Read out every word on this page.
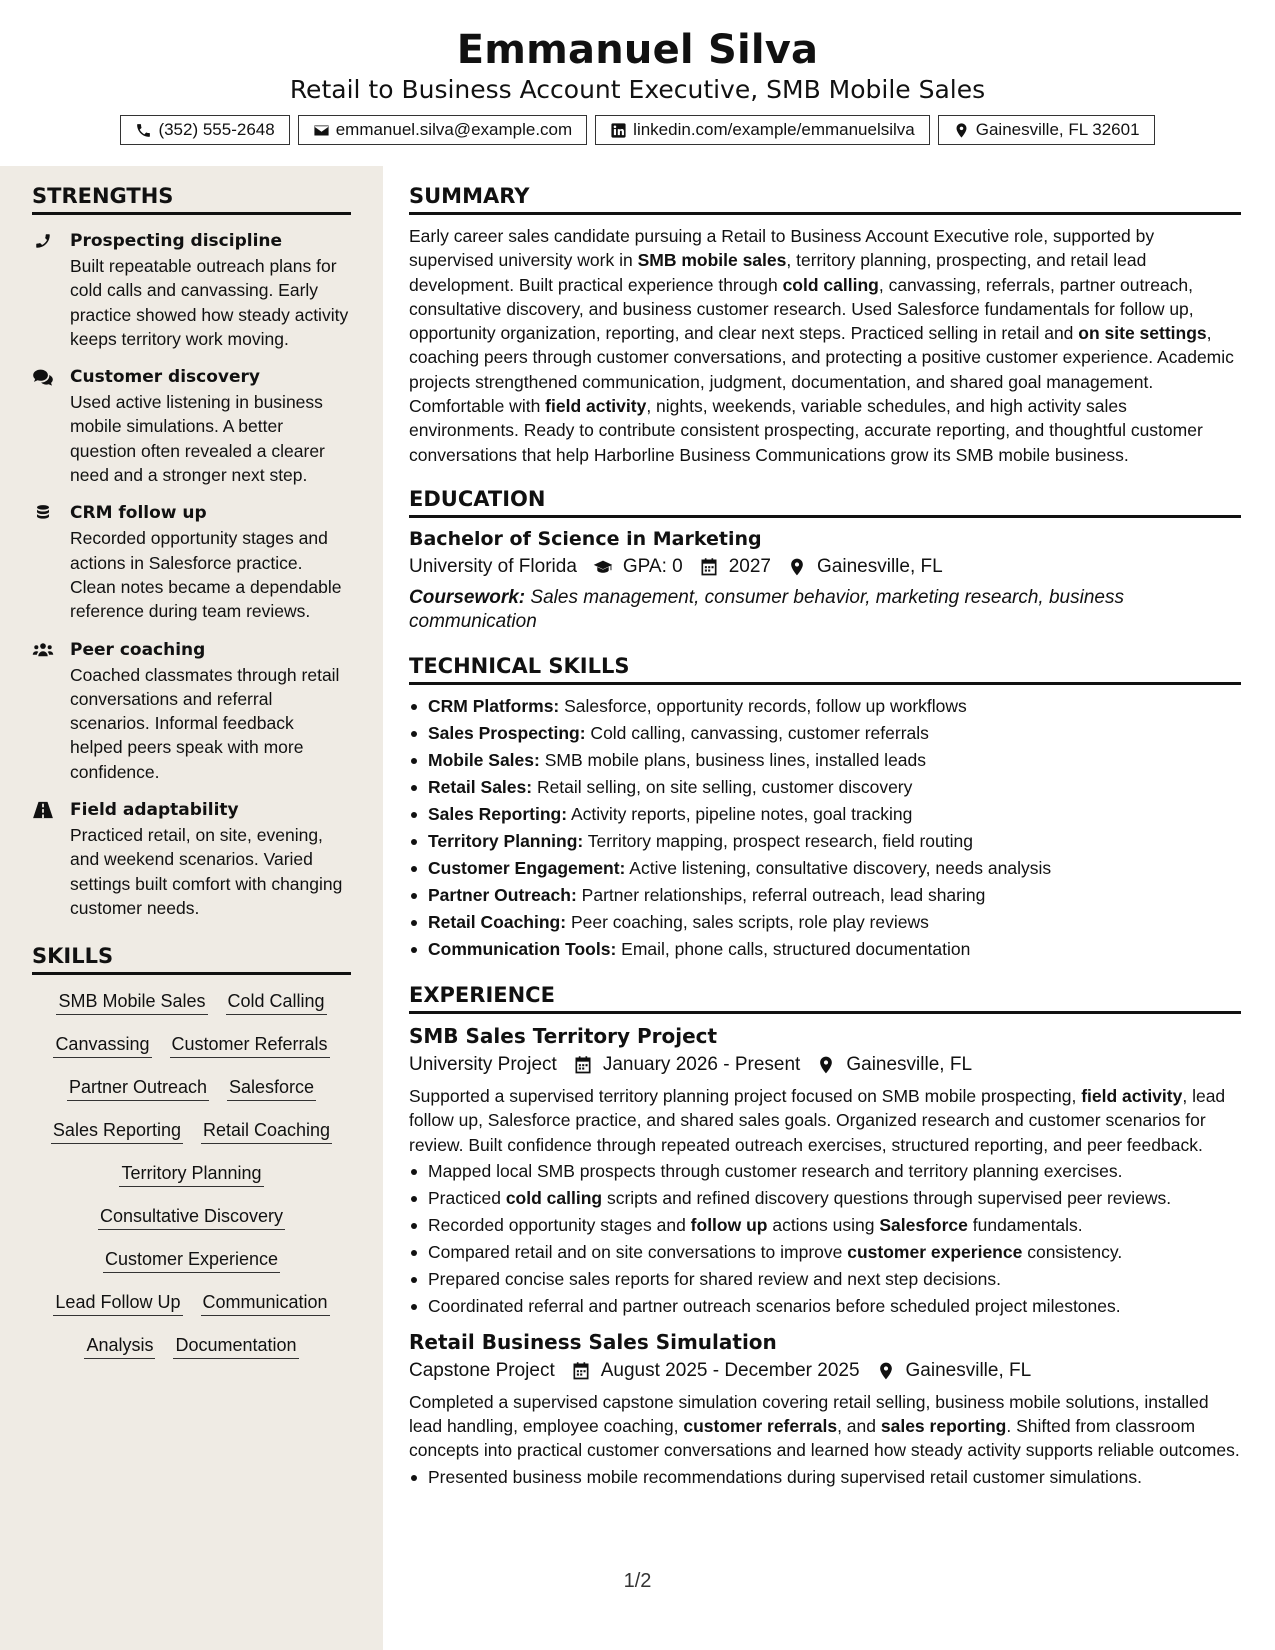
Emmanuel Silva
Retail to Business Account Executive, SMB Mobile Sales
(352) 555-2648	emmanuel.silva@example.com	linkedin.com/example/emmanuelsilva	Gainesville, FL 32601
STRENGTHS
Prospecting discipline
Built repeatable outreach plans for cold calls and canvassing. Early practice showed how steady activity keeps territory work moving.
Customer discovery
Used active listening in business mobile simulations. A better question often revealed a clearer need and a stronger next step.
CRM follow up
Recorded opportunity stages and actions in Salesforce practice. Clean notes became a dependable reference during team reviews.
Peer coaching
Coached classmates through retail conversations and referral scenarios. Informal feedback helped peers speak with more confidence.
Field adaptability
Practiced retail, on site, evening, and weekend scenarios. Varied settings built comfort with changing customer needs.
SKILLS
SMB Mobile Sales Cold Calling
Canvassing Customer Referrals
Partner Outreach Salesforce
Sales Reporting Retail Coaching
Territory Planning
Consultative Discovery
Customer Experience
Lead Follow Up Communication
Analysis Documentation
SUMMARY
Early career sales candidate pursuing a Retail to Business Account Executive role, supported by supervised university work in SMB mobile sales, territory planning, prospecting, and retail lead development. Built practical experience through cold calling, canvassing, referrals, partner outreach, consultative discovery, and business customer research. Used Salesforce fundamentals for follow up, opportunity organization, reporting, and clear next steps. Practiced selling in retail and on site settings, coaching peers through customer conversations, and protecting a positive customer experience. Academic projects strengthened communication, judgment, documentation, and shared goal management. Comfortable with field activity, nights, weekends, variable schedules, and high activity sales environments. Ready to contribute consistent prospecting, accurate reporting, and thoughtful customer conversations that help Harborline Business Communications grow its SMB mobile business.
EDUCATION
Bachelor of Science in Marketing
University of Florida GPA: 0 2027 Gainesville, FL
Coursework: Sales management, consumer behavior, marketing research, business communication
TECHNICAL SKILLS
CRM Platforms: Salesforce, opportunity records, follow up workflows
Sales Prospecting: Cold calling, canvassing, customer referrals
Mobile Sales: SMB mobile plans, business lines, installed leads
Retail Sales: Retail selling, on site selling, customer discovery
Sales Reporting: Activity reports, pipeline notes, goal tracking
Territory Planning: Territory mapping, prospect research, field routing
Customer Engagement: Active listening, consultative discovery, needs analysis
Partner Outreach: Partner relationships, referral outreach, lead sharing
Retail Coaching: Peer coaching, sales scripts, role play reviews
Communication Tools: Email, phone calls, structured documentation
EXPERIENCE
SMB Sales Territory Project
University Project January 2026 - Present Gainesville, FL
Supported a supervised territory planning project focused on SMB mobile prospecting, field activity, lead follow up, Salesforce practice, and shared sales goals. Organized research and customer scenarios for review. Built confidence through repeated outreach exercises, structured reporting, and peer feedback.
Mapped local SMB prospects through customer research and territory planning exercises.
Practiced cold calling scripts and refined discovery questions through supervised peer reviews.
Recorded opportunity stages and follow up actions using Salesforce fundamentals.
Compared retail and on site conversations to improve customer experience consistency.
Prepared concise sales reports for shared review and next step decisions.
Coordinated referral and partner outreach scenarios before scheduled project milestones.
Retail Business Sales Simulation
Capstone Project August 2025 - December 2025 Gainesville, FL
Completed a supervised capstone simulation covering retail selling, business mobile solutions, installed lead handling, employee coaching, customer referrals, and sales reporting. Shifted from classroom concepts into practical customer conversations and learned how steady activity supports reliable outcomes.
Presented business mobile recommendations during supervised retail customer simulations.
1/2
